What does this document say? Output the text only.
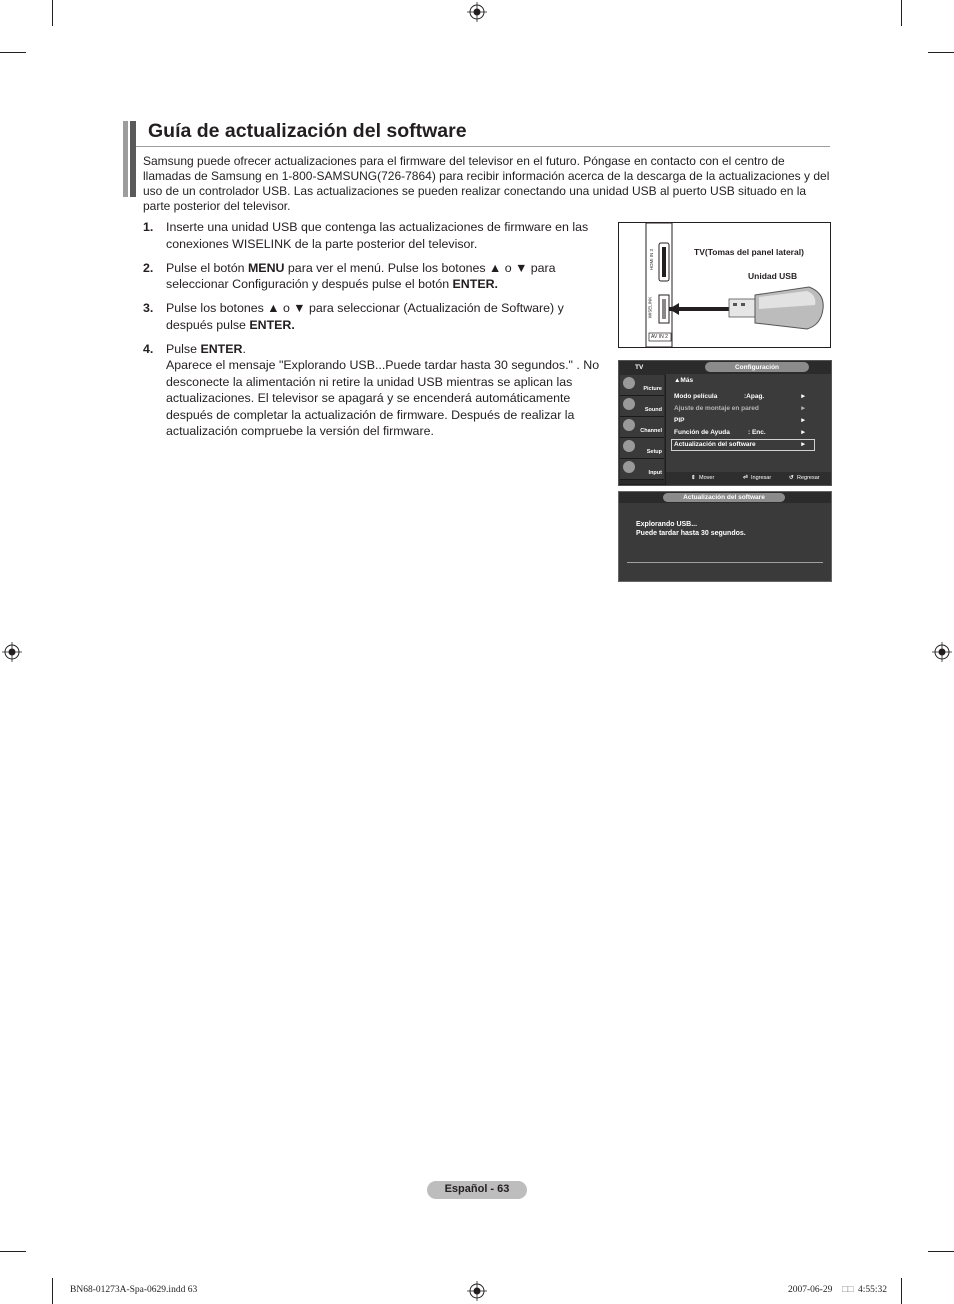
Guía de actualización del software
Samsung puede ofrecer actualizaciones para el firmware del televisor en el futuro. Póngase en contacto con el centro de llamadas de Samsung en 1-800-SAMSUNG(726-7864) para recibir información acerca de la descarga de la actualizaciones y del uso de un controlador USB. Las actualizaciones se pueden realizar conectando una unidad USB al puerto USB situado en la parte posterior del televisor.
1. Inserte una unidad USB que contenga las actualizaciones de firmware en las conexiones WISELINK de la parte posterior del televisor.
2. Pulse el botón MENU para ver el menú. Pulse los botones ▲ o ▼ para seleccionar Configuración y después pulse el botón ENTER.
3. Pulse los botones ▲ o ▼ para seleccionar (Actualización de Software) y después pulse ENTER.
4. Pulse ENTER.
Aparece el mensaje "Explorando USB...Puede tardar hasta 30 segundos." . No desconecte la alimentación ni retire la unidad USB mientras se aplican las actualizaciones. El televisor se apagará y se encenderá automáticamente después de completar la actualización de firmware. Después de realizar la actualización compruebe la versión del firmware.
TV(Tomas del panel lateral)
Unidad USB
HDMI IN 3
WISELINK
AV IN 2
TV	Configuración
Picture
Sound
Channel
Setup
Input
▲Más
Modo película	:Apag.	►
Ajuste de montaje en pared	►
PIP	►
Función de Ayuda	: Enc.	►
Actualización del software	►
⇕ Mover	⏎ Ingresar	↺ Regresar
Actualización del software
Explorando USB...
Puede tardar hasta 30 segundos.
Español - 63
BN68-01273A-Spa-0629.indd 63	2007-06-29 □□ 4:55:32
